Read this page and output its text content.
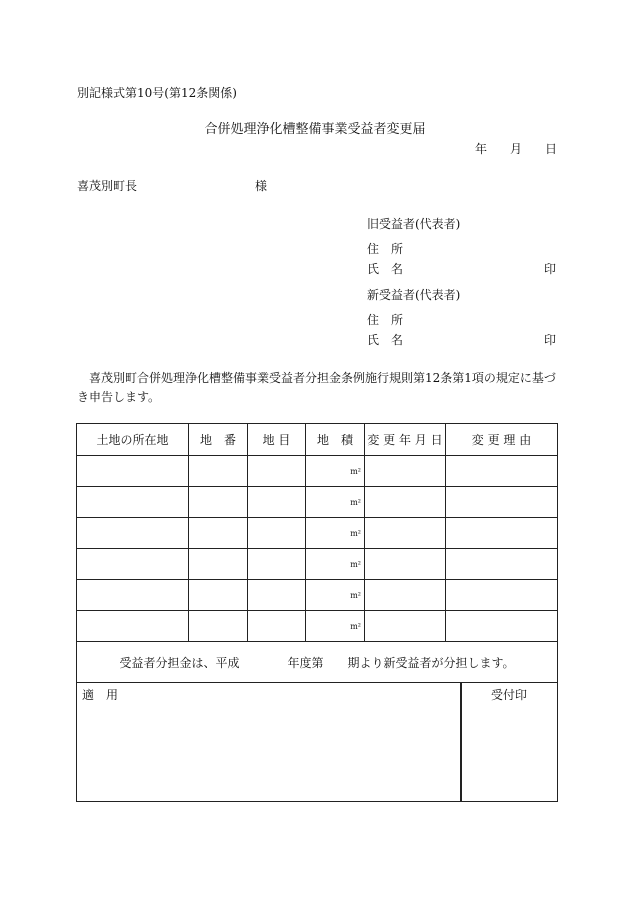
別記様式第10号(第12条関係)
合併処理浄化槽整備事業受益者変更届
年 月 日
喜茂別町長	様
旧受益者(代表者)
住　所
氏　名	印
新受益者(代表者)
住　所
氏　名	印
喜茂別町合併処理浄化槽整備事業受益者分担金条例施行規則第12条第1項の規定に基づ
き申告します。
土地の所在地	地　番	地 目	地　積	変 更 年 月 日	変 更 理 由
			m²		
			m²		
			m²		
			m²		
			m²		
			m²		
受益者分担金は、平成　　　　年度第　　期より新受益者が分担します。					
適　用	受付印
